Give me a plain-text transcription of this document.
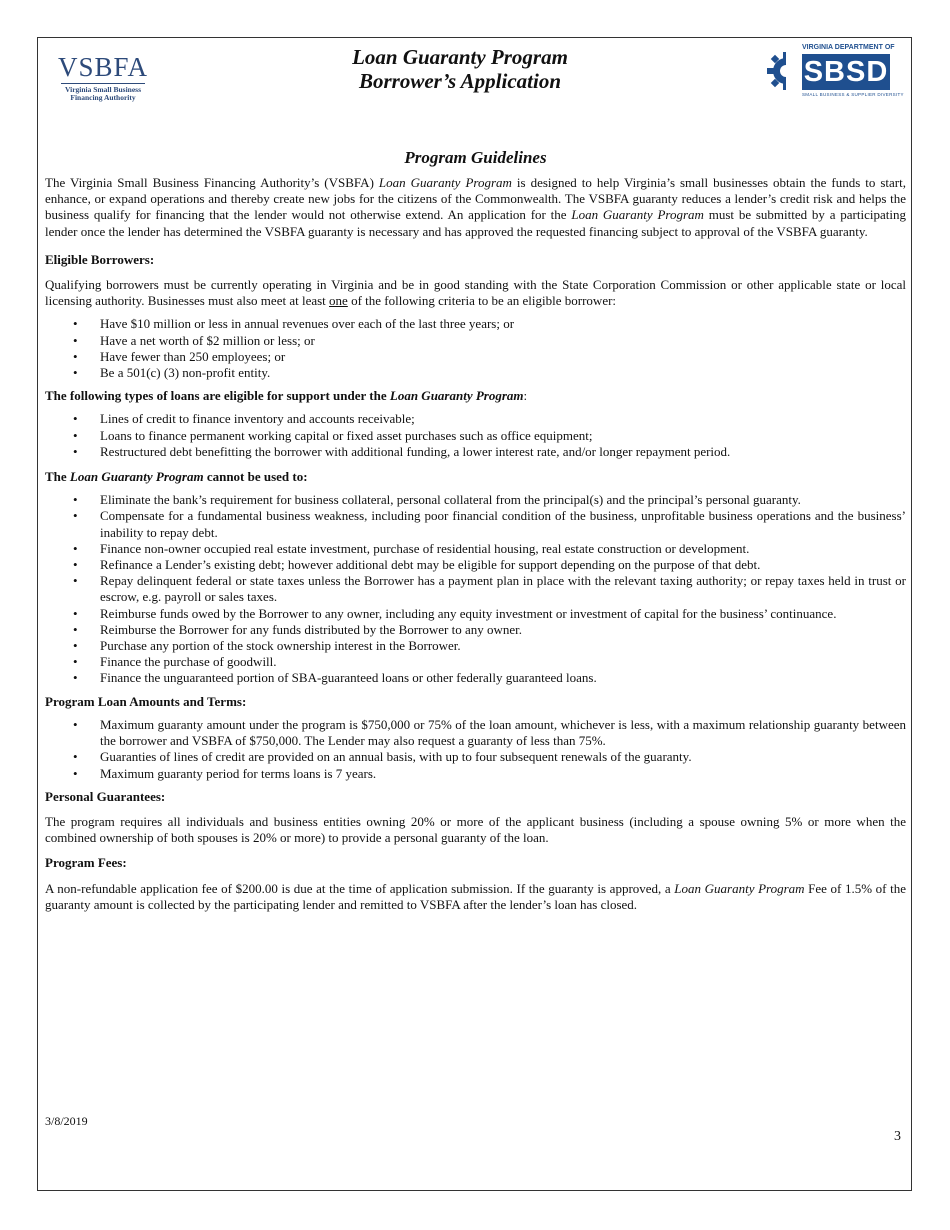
VSBFA
Virginia Small Business
Financing Authority
Loan Guaranty Program
Borrower’s Application
VIRGINIA DEPARTMENT OF
SBSD
SMALL BUSINESS & SUPPLIER DIVERSITY
Program Guidelines

The Virginia Small Business Financing Authority’s (VSBFA) Loan Guaranty Program is designed to help Virginia’s small businesses obtain the funds to start, enhance, or expand operations and thereby create new jobs for the citizens of the Commonwealth. The VSBFA guaranty reduces a lender’s credit risk and helps the business qualify for financing that the lender would not otherwise extend. An application for the Loan Guaranty Program must be submitted by a participating lender once the lender has determined the VSBFA guaranty is necessary and has approved the requested financing subject to approval of the VSBFA guaranty.

Eligible Borrowers:

Qualifying borrowers must be currently operating in Virginia and be in good standing with the State Corporation Commission or other applicable state or local licensing authority. Businesses must also meet at least one of the following criteria to be an eligible borrower:

• Have $10 million or less in annual revenues over each of the last three years; or
• Have a net worth of $2 million or less; or
• Have fewer than 250 employees; or
• Be a 501(c) (3) non-profit entity.

The following types of loans are eligible for support under the Loan Guaranty Program:

• Lines of credit to finance inventory and accounts receivable;
• Loans to finance permanent working capital or fixed asset purchases such as office equipment;
• Restructured debt benefitting the borrower with additional funding, a lower interest rate, and/or longer repayment period.

The Loan Guaranty Program cannot be used to:

• Eliminate the bank’s requirement for business collateral, personal collateral from the principal(s) and the principal’s personal guaranty.
• Compensate for a fundamental business weakness, including poor financial condition of the business, unprofitable business operations and the business’ inability to repay debt.
• Finance non-owner occupied real estate investment, purchase of residential housing, real estate construction or development.
• Refinance a Lender’s existing debt; however additional debt may be eligible for support depending on the purpose of that debt.
• Repay delinquent federal or state taxes unless the Borrower has a payment plan in place with the relevant taxing authority; or repay taxes held in trust or escrow, e.g. payroll or sales taxes.
• Reimburse funds owed by the Borrower to any owner, including any equity investment or investment of capital for the business’ continuance.
• Reimburse the Borrower for any funds distributed by the Borrower to any owner.
• Purchase any portion of the stock ownership interest in the Borrower.
• Finance the purchase of goodwill.
• Finance the unguaranteed portion of SBA-guaranteed loans or other federally guaranteed loans.

Program Loan Amounts and Terms:

• Maximum guaranty amount under the program is $750,000 or 75% of the loan amount, whichever is less, with a maximum relationship guaranty between the borrower and VSBFA of $750,000. The Lender may also request a guaranty of less than 75%.
• Guaranties of lines of credit are provided on an annual basis, with up to four subsequent renewals of the guaranty.
• Maximum guaranty period for terms loans is 7 years.

Personal Guarantees:

The program requires all individuals and business entities owning 20% or more of the applicant business (including a spouse owning 5% or more when the combined ownership of both spouses is 20% or more) to provide a personal guaranty of the loan.

Program Fees:

A non-refundable application fee of $200.00 is due at the time of application submission. If the guaranty is approved, a Loan Guaranty Program Fee of 1.5% of the guaranty amount is collected by the participating lender and remitted to VSBFA after the lender’s loan has closed.

3/8/2019
3
